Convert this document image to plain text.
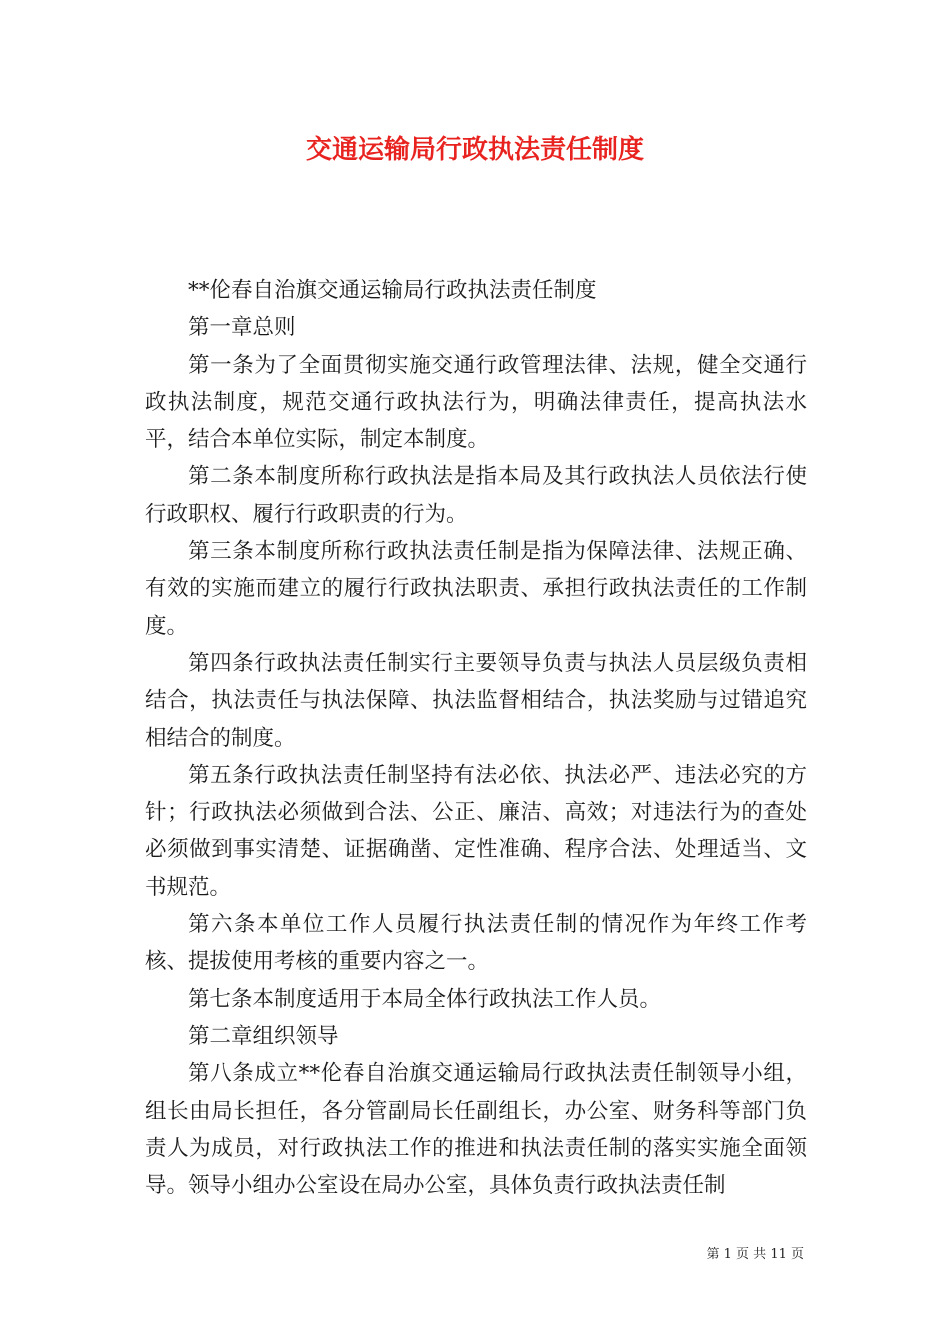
交通运输局行政执法责任制度

**伦春自治旗交通运输局行政执法责任制度

第一章总则

第一条为了全面贯彻实施交通行政管理法律、法规，健全交通行政执法制度，规范交通行政执法行为，明确法律责任，提高执法水平，结合本单位实际，制定本制度。

第二条本制度所称行政执法是指本局及其行政执法人员依法行使行政职权、履行行政职责的行为。

第三条本制度所称行政执法责任制是指为保障法律、法规正确、有效的实施而建立的履行行政执法职责、承担行政执法责任的工作制度。

第四条行政执法责任制实行主要领导负责与执法人员层级负责相结合，执法责任与执法保障、执法监督相结合，执法奖励与过错追究相结合的制度。

第五条行政执法责任制坚持有法必依、执法必严、违法必究的方针；行政执法必须做到合法、公正、廉洁、高效；对违法行为的查处必须做到事实清楚、证据确凿、定性准确、程序合法、处理适当、文书规范。

第六条本单位工作人员履行执法责任制的情况作为年终工作考核、提拔使用考核的重要内容之一。

第七条本制度适用于本局全体行政执法工作人员。

第二章组织领导

第八条成立**伦春自治旗交通运输局行政执法责任制领导小组，组长由局长担任，各分管副局长任副组长，办公室、财务科等部门负责人为成员，对行政执法工作的推进和执法责任制的落实实施全面领导。领导小组办公室设在局办公室，具体负责行政执法责任制

第 1 页 共 11 页
